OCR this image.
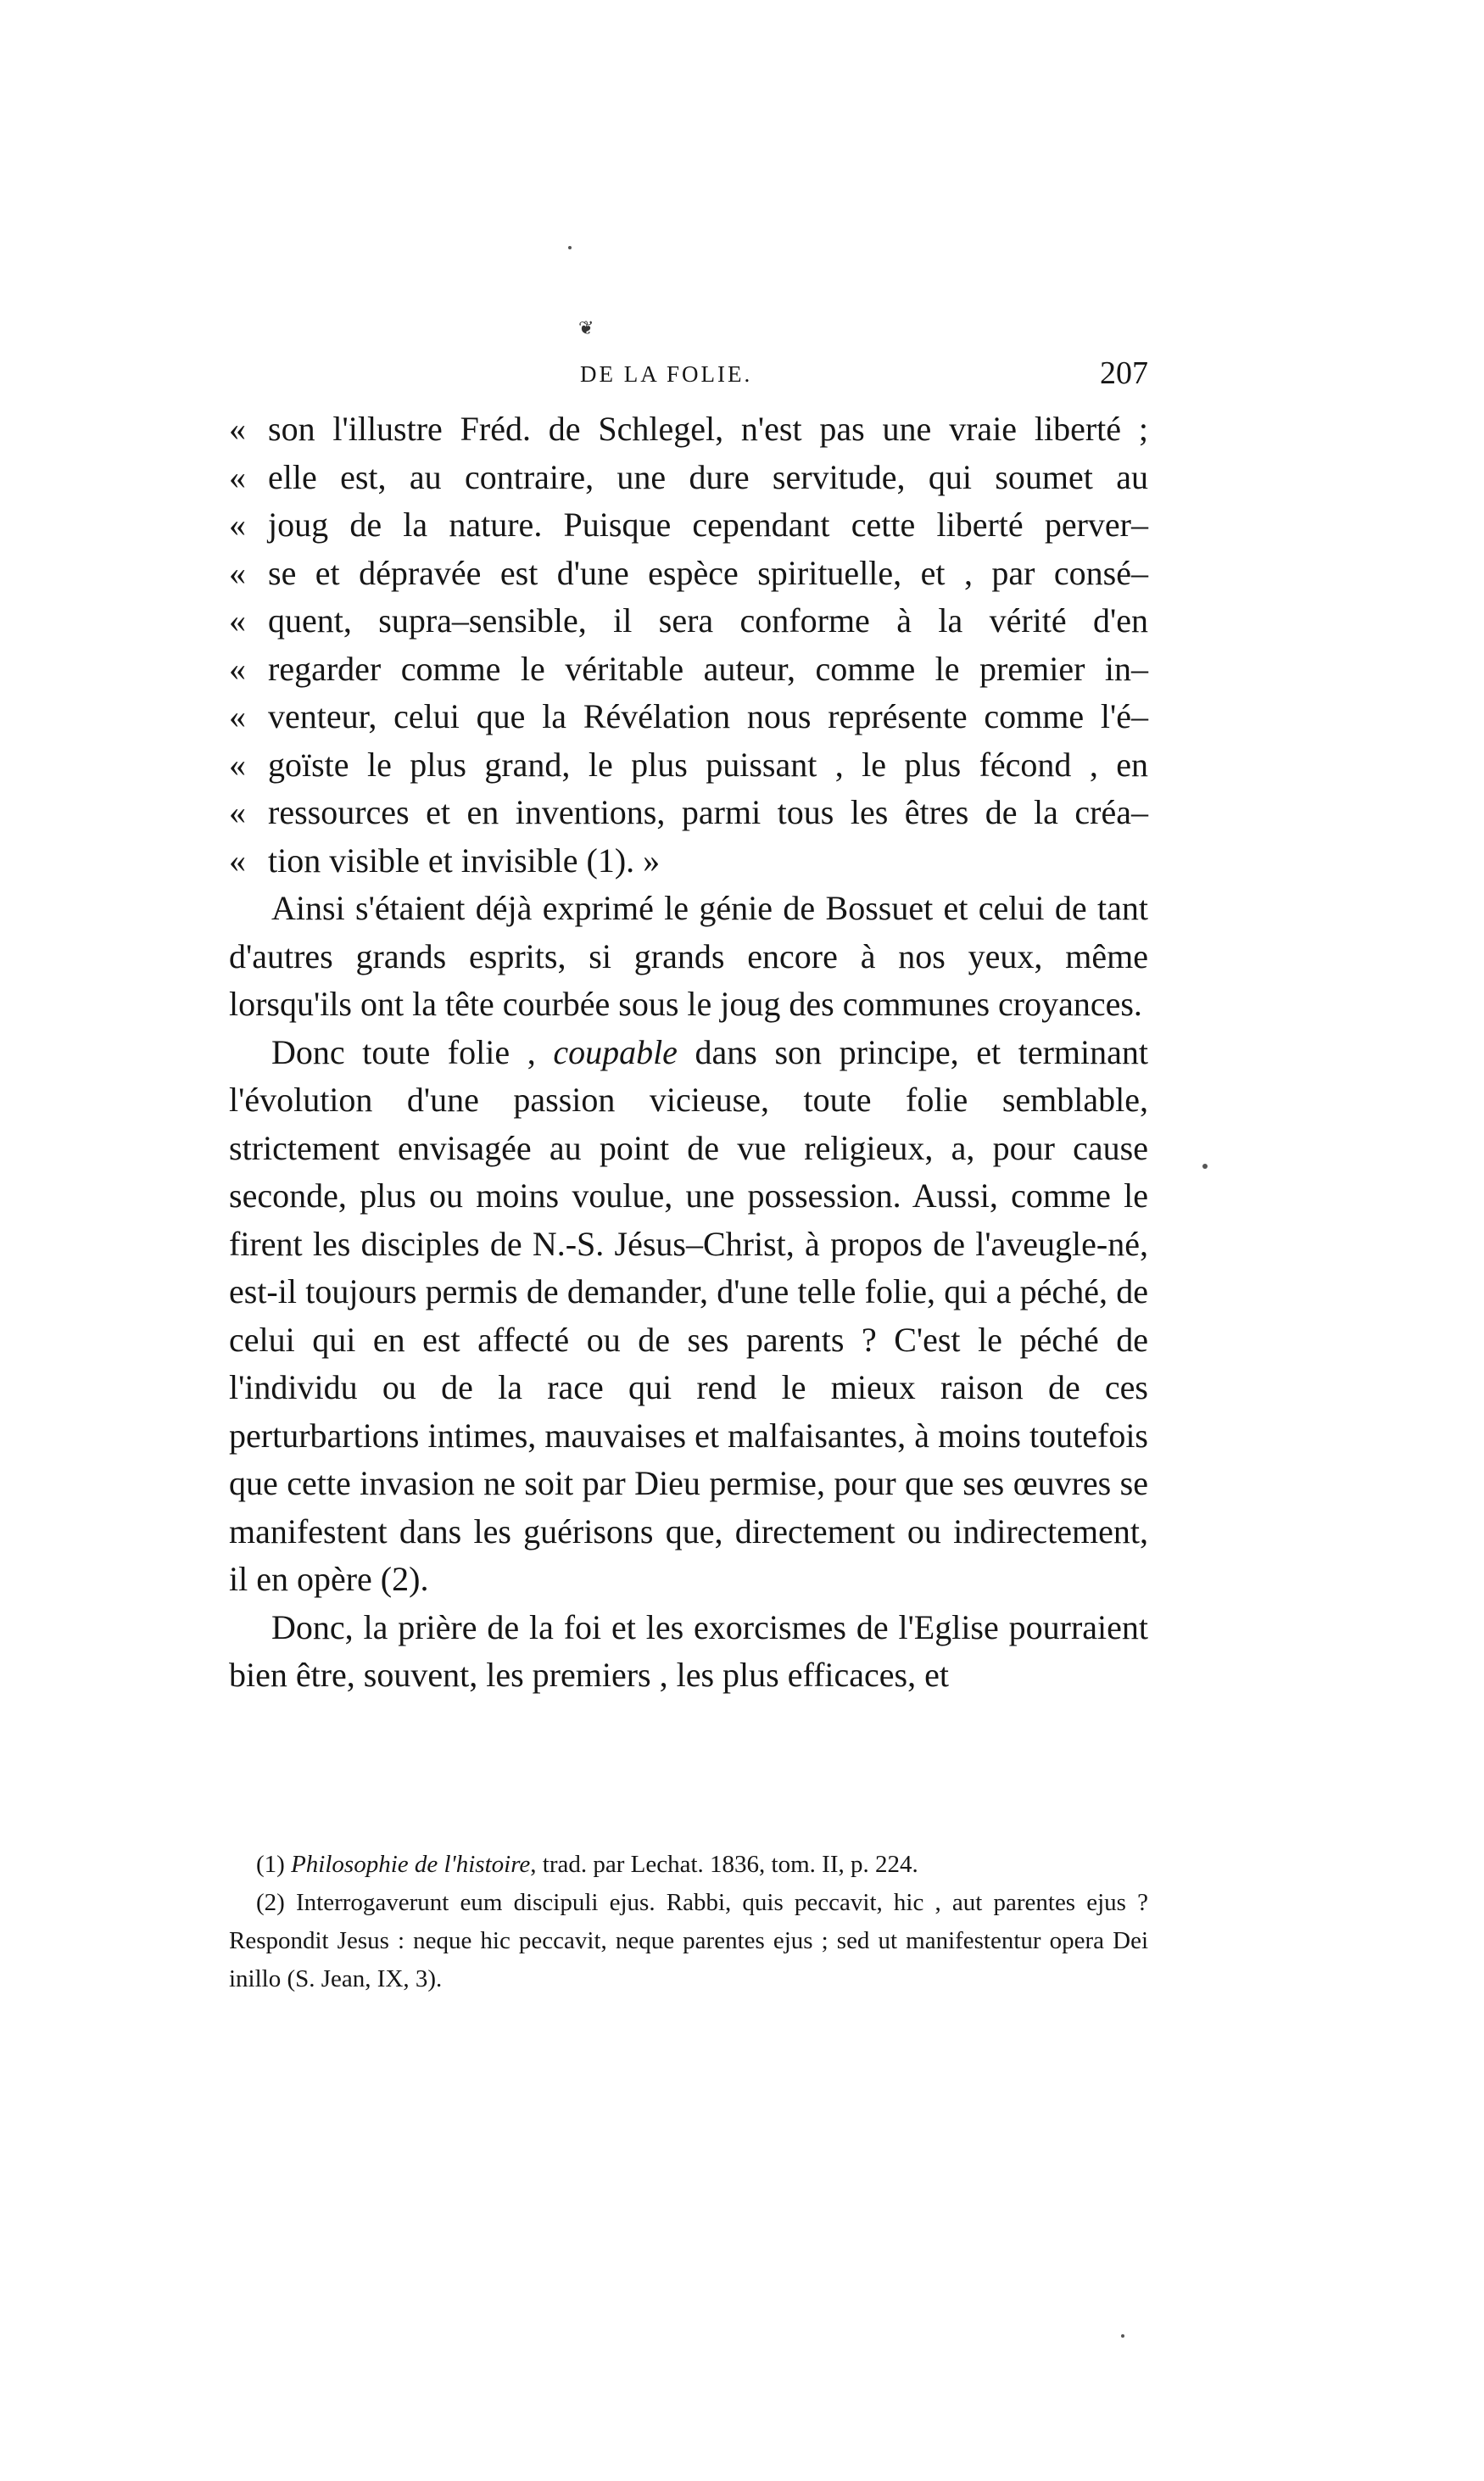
❦
DE LA FOLIE.	207
« son l'illustre Fréd. de Schlegel, n'est pas une vraie liberté ;
« elle est, au contraire, une dure servitude, qui soumet au
« joug de la nature. Puisque cependant cette liberté perver–
« se et dépravée est d'une espèce spirituelle, et , par consé–
« quent, supra–sensible, il sera conforme à la vérité d'en
« regarder comme le véritable auteur, comme le premier in–
« venteur, celui que la Révélation nous représente comme l'é–
« goïste le plus grand, le plus puissant , le plus fécond , en
« ressources et en inventions, parmi tous les êtres de la créa–
« tion visible et invisible (1). »

Ainsi s'étaient déjà exprimé le génie de Bossuet et celui de tant d'autres grands esprits, si grands encore à nos yeux, même lorsqu'ils ont la tête courbée sous le joug des communes croyances.

Donc toute folie , coupable dans son principe, et terminant l'évolution d'une passion vicieuse, toute folie semblable, strictement envisagée au point de vue religieux, a, pour cause seconde, plus ou moins voulue, une possession. Aussi, comme le firent les disciples de N.-S. Jésus–Christ, à propos de l'aveugle-né, est-il toujours permis de demander, d'une telle folie, qui a péché, de celui qui en est affecté ou de ses parents ? C'est le péché de l'individu ou de la race qui rend le mieux raison de ces perturbartions intimes, mauvaises et malfaisantes, à moins toutefois que cette invasion ne soit par Dieu permise, pour que ses œuvres se manifestent dans les guérisons que, directement ou indirectement, il en opère (2).

Donc, la prière de la foi et les exorcismes de l'Eglise pourraient bien être, souvent, les premiers , les plus efficaces, et

(1) Philosophie de l'histoire, trad. par Lechat. 1836, tom. II, p. 224.

(2) Interrogaverunt eum discipuli ejus. Rabbi, quis peccavit, hic , aut parentes ejus ? Respondit Jesus : neque hic peccavit, neque parentes ejus ; sed ut manifestentur opera Dei inillo (S. Jean, IX, 3).
